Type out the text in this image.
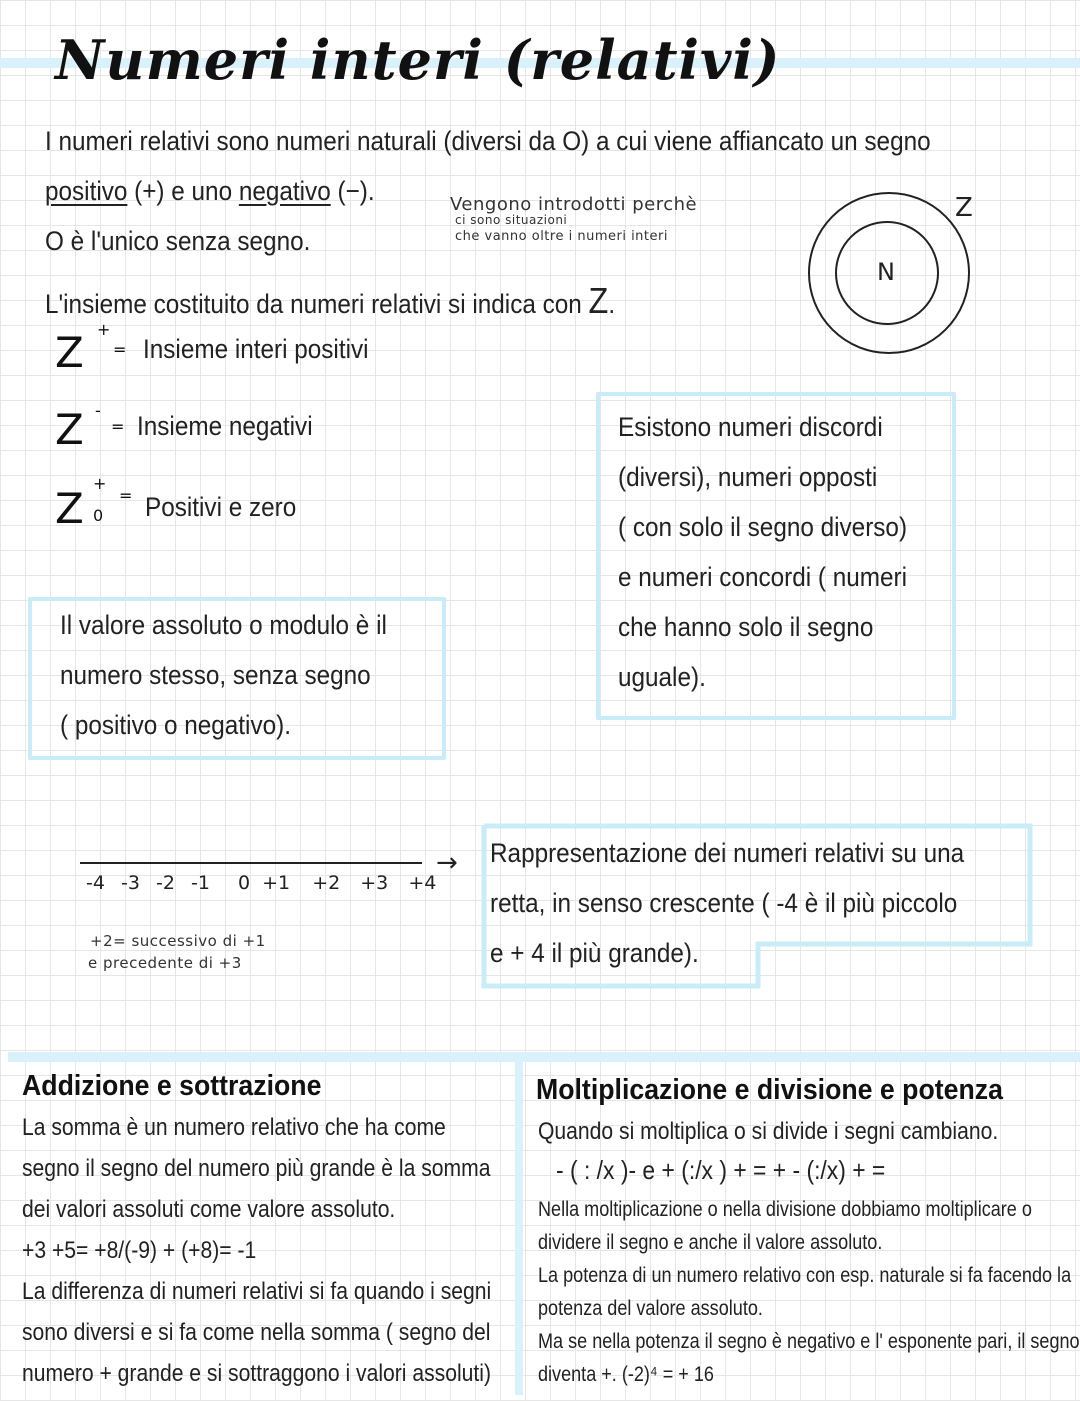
Numeri interi (relativi)
I numeri relativi sono numeri naturali (diversi da O) a cui viene affiancato un segno
positivo (+) e uno negativo (−).
O è l'unico senza segno.
L'insieme costituito da numeri relativi si indica con Z.
Vengono introdotti perchè
ci sono situazioni
che vanno oltre i numeri interi
Z
N
Z +
= Insieme interi positivi
Z -
= Insieme negativi
Z
+
0
= Positivi e zero
Esistono numeri discordi
(diversi), numeri opposti
( con solo il segno diverso)
e numeri concordi ( numeri
che hanno solo il segno
uguale).
Il valore assoluto o modulo è il
numero stesso, senza segno
( positivo o negativo).
-4 -3 -2 -1 0 +1 +2 +3 +4
+2= successivo di +1
e precedente di +3
→ Rappresentazione dei numeri relativi su una
retta, in senso crescente ( -4 è il più piccolo
e + 4 il più grande).
Addizione e sottrazione
La somma è un numero relativo che ha come
segno il segno del numero più grande è la somma
dei valori assoluti come valore assoluto.
+3 +5= +8/(-9) + (+8)= -1
La differenza di numeri relativi si fa quando i segni
sono diversi e si fa come nella somma ( segno del
numero + grande e si sottraggono i valori assoluti)
Moltiplicazione e divisione e potenza
Quando si moltiplica o si divide i segni cambiano.
- ( : /x )- e + (:/x ) + = + - (:/x) + =
Nella moltiplicazione o nella divisione dobbiamo moltiplicare o
dividere il segno e anche il valore assoluto.
La potenza di un numero relativo con esp. naturale si fa facendo la
potenza del valore assoluto.
Ma se nella potenza il segno è negativo e l' esponente pari, il segno
diventa +. (-2)⁴ = + 16
